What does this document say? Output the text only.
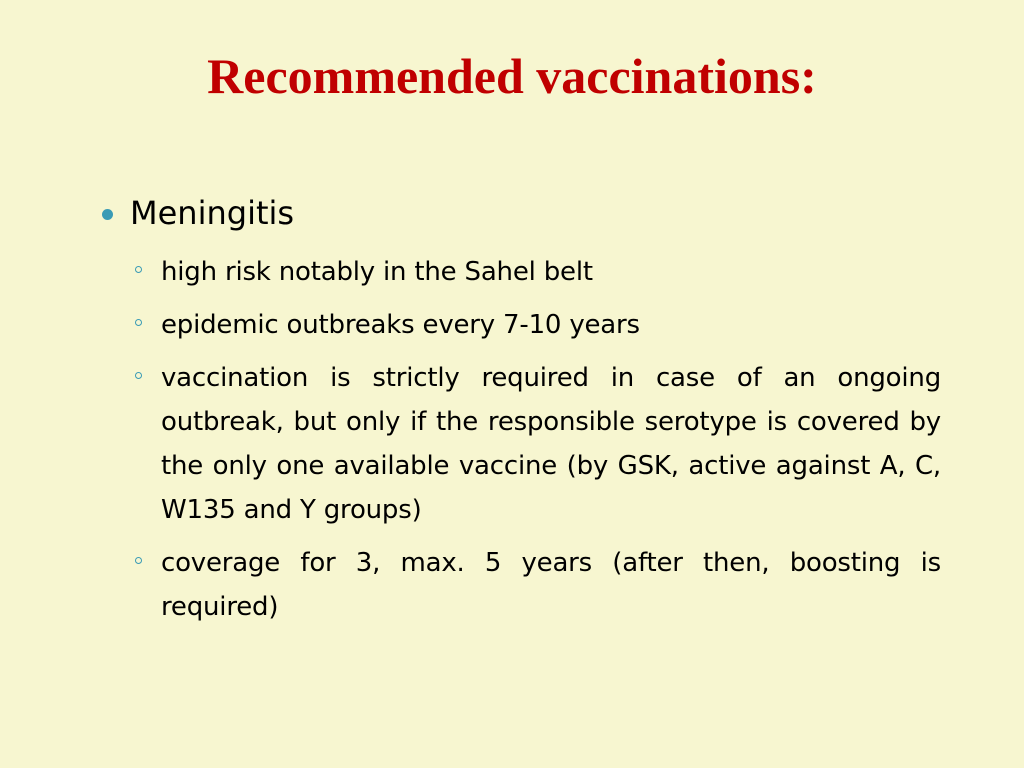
Recommended vaccinations:
Meningitis
high risk notably in the Sahel belt
epidemic outbreaks every 7-10 years
vaccination is strictly required in case of an ongoing outbreak, but only if the responsible serotype is covered by the only one available vaccine (by GSK, active against A, C, W135 and Y groups)
coverage for 3, max. 5 years (after then, boosting is required)
